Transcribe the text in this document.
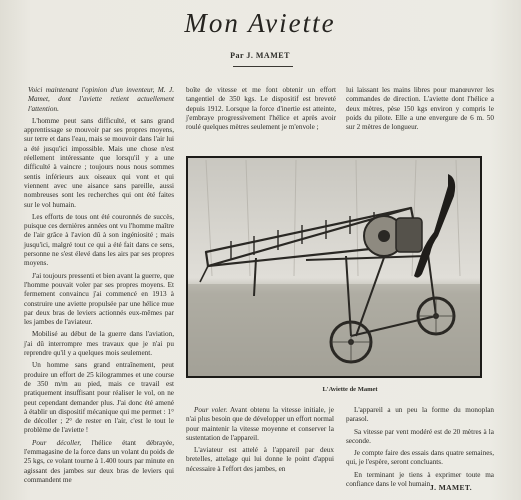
Mon Aviette
Par J. MAMET

Voici maintenant l'opinion d'un inventeur, M. J. Mamet, dont l'aviette retient actuellement l'attention.

L'homme peut sans difficulté, et sans grand apprentissage se mouvoir par ses propres moyens, sur terre et dans l'eau, mais se mouvoir dans l'air lui a été jusqu'ici impossible. Mais une chose n'est réellement intéressante que lorsqu'il y a une difficulté à vaincre ; toujours nous nous sommes sentis inférieurs aux oiseaux qui vont et qui viennent avec une aisance sans pareille, aussi nombreuses sont les recherches qui ont été faites sur le vol humain.

Les efforts de tous ont été couronnés de succès, puisque ces dernières années ont vu l'homme maître de l'air grâce à l'avion dû à son ingéniosité ; mais jusqu'ici, malgré tout ce qui a été fait dans ce sens, personne ne s'est élevé dans les airs par ses propres moyens.

J'ai toujours pressenti et bien avant la guerre, que l'homme pouvait voler par ses propres moyens. Et fermement convaincu j'ai commencé en 1913 à construire une aviette propulsée par une hélice mue par deux bras de leviers actionnés eux-mêmes par les jambes de l'aviateur.

Mobilisé au début de la guerre dans l'aviation, j'ai dû interrompre mes travaux que je n'ai pu reprendre qu'il y a quelques mois seulement.

Un homme sans grand entraînement, peut produire un effort de 25 kilogrammes et une course de 350 m/m au pied, mais ce travail est pratiquement insuffisant pour réaliser le vol, on ne peut cependant demander plus. J'ai donc été amené à établir un dispositif mécanique qui me permet : 1° de décoller ; 2° de rester en l'air, c'est le tout le problème de l'aviette !

Pour décoller, l'hélice étant débrayée, l'emmagasine de la force dans un volant du poids de 25 kgs, ce volant tourne à 1.400 tours par minute en agissant des jambes sur deux bras de leviers qui commandent me

boîte de vitesse et me font obtenir un effort tangentiel de 350 kgs. Le dispositif est breveté depuis 1912. Lorsque la force d'inertie est atteinte, j'embraye progressivement l'hélice et après avoir roulé quelques mètres seulement je m'envole ;

lui laissant les mains libres pour manœuvrer les commandes de direction. L'aviette dont l'hélice a deux mètres, pèse 150 kgs environ y compris le poids du pilote. Elle a une envergure de 6 m. 50 sur 2 mètres de longueur.

L'Aviette de Mamet

Pour voler. Avant obtenu la vitesse initiale, je n'ai plus besoin que de développer un effort normal pour maintenir la vitesse moyenne et conserver la sustentation de l'appareil.

L'aviateur est attelé à l'appareil par deux bretelles, attelage qui lui donne le point d'appui nécessaire à l'effort des jambes, en

L'appareil a un peu la forme du monoplan parasol.

Sa vitesse par vent modéré est de 20 mètres à la seconde.

Je compte faire des essais dans quatre semaines, qui, je l'espère, seront concluants.

En terminant je tiens à exprimer toute ma confiance dans le vol humain.

J. MAMET.
